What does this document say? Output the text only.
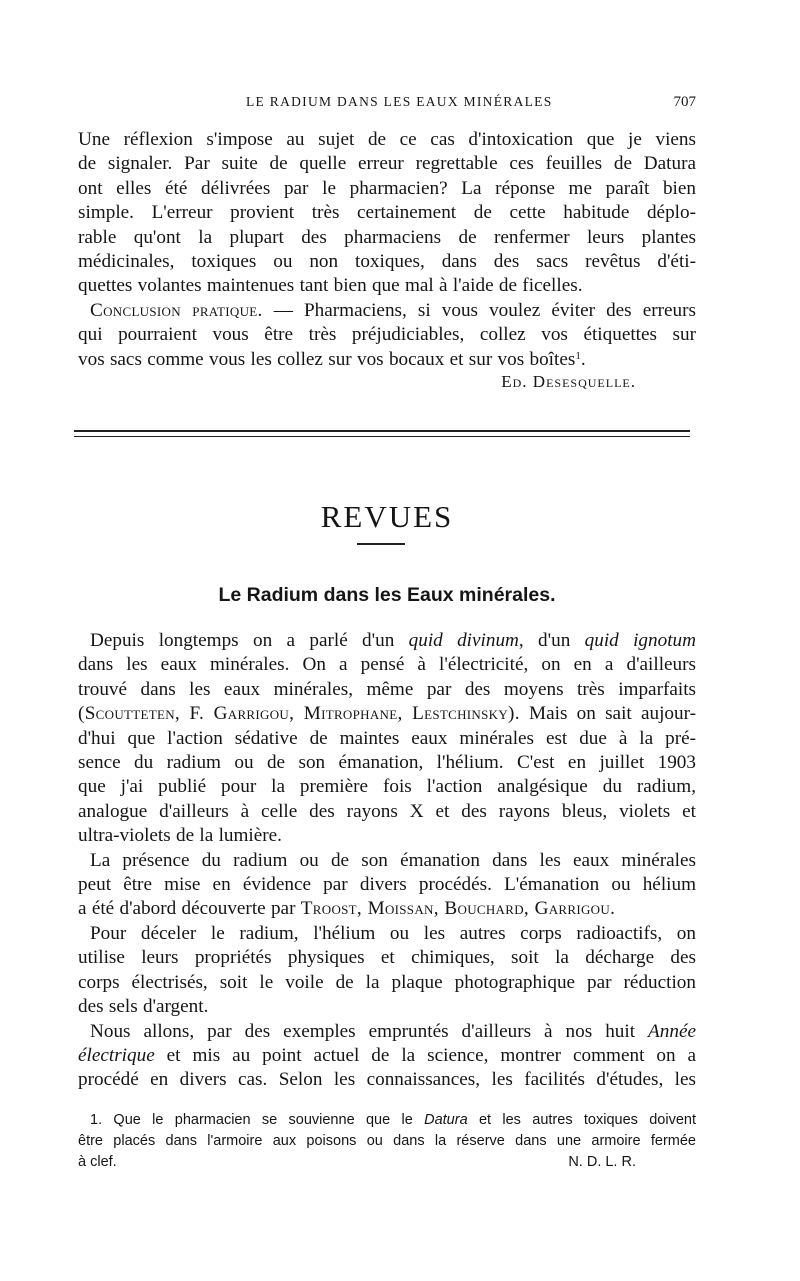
LE RADIUM DANS LES EAUX MINÉRALES	707

Une réflexion s'impose au sujet de ce cas d'intoxication que je viens

de signaler. Par suite de quelle erreur regrettable ces feuilles de Datura

ont elles été délivrées par le pharmacien? La réponse me paraît bien

simple. L'erreur provient très certainement de cette habitude déplo-

rable qu'ont la plupart des pharmaciens de renfermer leurs plantes

médicinales, toxiques ou non toxiques, dans des sacs revêtus d'éti-

quettes volantes maintenues tant bien que mal à l'aide de ficelles.

Conclusion pratique. — Pharmaciens, si vous voulez éviter des erreurs

qui pourraient vous être très préjudiciables, collez vos étiquettes sur

vos sacs comme vous les collez sur vos bocaux et sur vos boîtes$^1$.

Ed. Desesquelle.
REVUES
Le Radium dans les Eaux minérales.

Depuis longtemps on a parlé d'un quid divinum, d'un quid ignotum

dans les eaux minérales. On a pensé à l'électricité, on en a d'ailleurs

trouvé dans les eaux minérales, même par des moyens très imparfaits

(Scoutteten, F. Garrigou, Mitrophane, Lestchinsky). Mais on sait aujour-

d'hui que l'action sédative de maintes eaux minérales est due à la pré-

sence du radium ou de son émanation, l'hélium. C'est en juillet 1903

que j'ai publié pour la première fois l'action analgésique du radium,

analogue d'ailleurs à celle des rayons X et des rayons bleus, violets et

ultra-violets de la lumière.

La présence du radium ou de son émanation dans les eaux minérales

peut être mise en évidence par divers procédés. L'émanation ou hélium

a été d'abord découverte par Troost, Moissan, Bouchard, Garrigou.

Pour déceler le radium, l'hélium ou les autres corps radioactifs, on

utilise leurs propriétés physiques et chimiques, soit la décharge des

corps électrisés, soit le voile de la plaque photographique par réduction

des sels d'argent.

Nous allons, par des exemples empruntés d'ailleurs à nos huit Année

électrique et mis au point actuel de la science, montrer comment on a

procédé en divers cas. Selon les connaissances, les facilités d'études, les

1. Que le pharmacien se souvienne que le Datura et les autres toxiques doivent

être placés dans l'armoire aux poisons ou dans la réserve dans une armoire fermée

à clef.	N. D. L. R.
